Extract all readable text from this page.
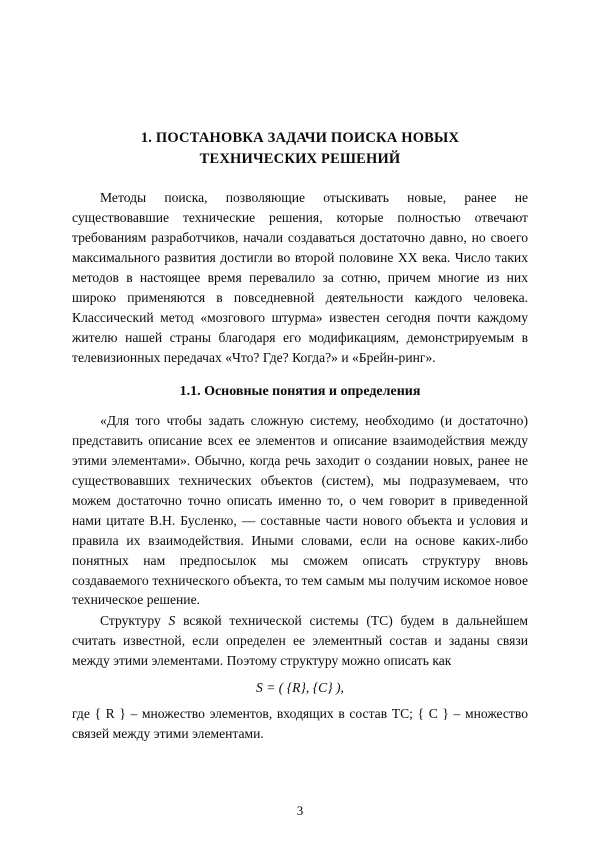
1. ПОСТАНОВКА ЗАДАЧИ ПОИСКА НОВЫХ
ТЕХНИЧЕСКИХ РЕШЕНИЙ

Методы поиска, позволяющие отыскивать новые, ранее не существовавшие технические решения, которые полностью отвечают требованиям разработчиков, начали создаваться достаточно давно, но своего максимального развития достигли во второй половине XX века. Число таких методов в настоящее время перевалило за сотню, причем многие из них широко применяются в повседневной деятельности каждого человека. Классический метод «мозгового штурма» известен сегодня почти каждому жителю нашей страны благодаря его модификациям, демонстрируемым в телевизионных передачах «Что? Где? Когда?» и «Брейн-ринг».

1.1. Основные понятия и определения

«Для того чтобы задать сложную систему, необходимо (и достаточно) представить описание всех ее элементов и описание взаимодействия между этими элементами». Обычно, когда речь заходит о создании новых, ранее не существовавших технических объектов (систем), мы подразумеваем, что можем достаточно точно описать именно то, о чем говорит в приведенной нами цитате В.Н. Бусленко, — составные части нового объекта и условия и правила их взаимодействия. Иными словами, если на основе каких-либо понятных нам предпосылок мы сможем описать структуру вновь создаваемого технического объекта, то тем самым мы получим искомое новое техническое решение.

Структуру S всякой технической системы (ТС) будем в дальнейшем считать известной, если определен ее элементный состав и заданы связи между этими элементами. Поэтому структуру можно описать как

S = ( {R}, {C} ),

где { R } – множество элементов, входящих в состав ТС; { C } – множество связей между этими элементами.

3
